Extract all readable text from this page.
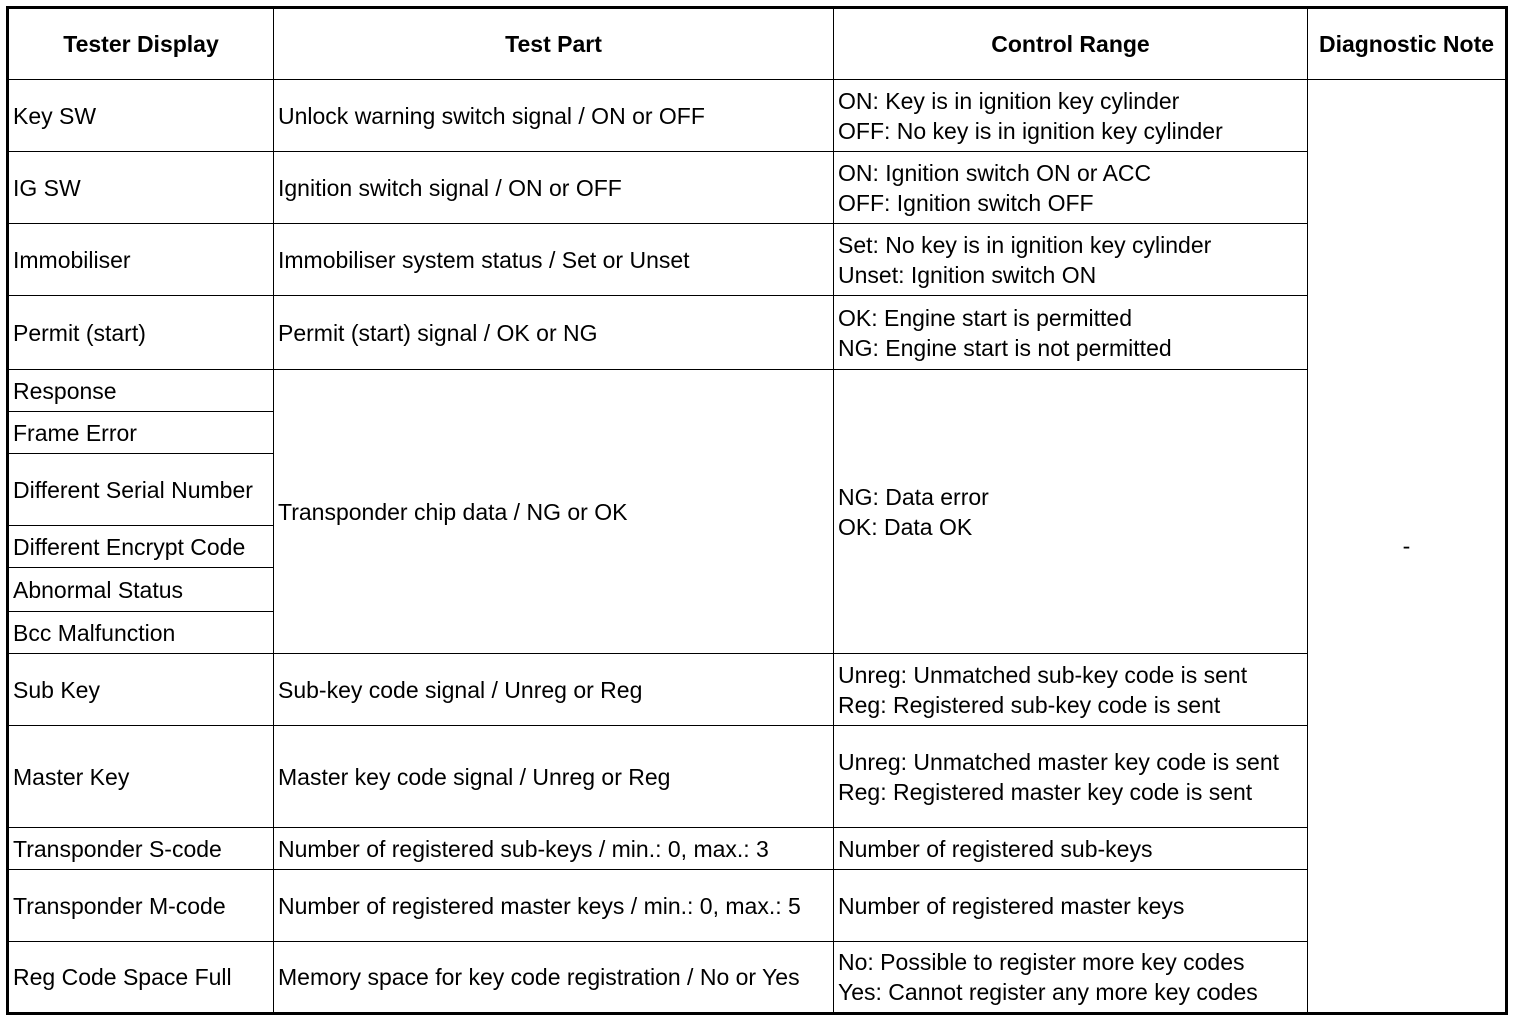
Tester Display	Test Part	Control Range	Diagnostic Note
Key SW	Unlock warning switch signal / ON or OFF	ON: Key is in ignition key cylinder
OFF: No key is in ignition key cylinder	-
IG SW	Ignition switch signal / ON or OFF	ON: Ignition switch ON or ACC
OFF: Ignition switch OFF	

Immobiliser	Immobiliser system status / Set or Unset	Set: No key is in ignition key cylinder
Unset: Ignition switch ON	

Permit (start)	Permit (start) signal / OK or NG	OK: Engine start is permitted
NG: Engine start is not permitted	

Response	Transponder chip data / NG or OK	NG: Data error
OK: Data OK	

Frame Error			
Different Serial Number			
Different Encrypt Code			
Abnormal Status			
Bcc Malfunction			
Sub Key	Sub-key code signal / Unreg or Reg	Unreg: Unmatched sub-key code is sent
Reg: Registered sub-key code is sent	

Master Key	Master key code signal / Unreg or Reg	Unreg: Unmatched master key code is sent
Reg: Registered master key code is sent	

Transponder S-code	Number of registered sub-keys / min.: 0, max.: 3	Number of registered sub-keys	

Transponder M-code	Number of registered master keys / min.: 0, max.: 5	Number of registered master keys	

Reg Code Space Full	Memory space for key code registration / No or Yes	No: Possible to register more key codes
Yes: Cannot register any more key codes	
